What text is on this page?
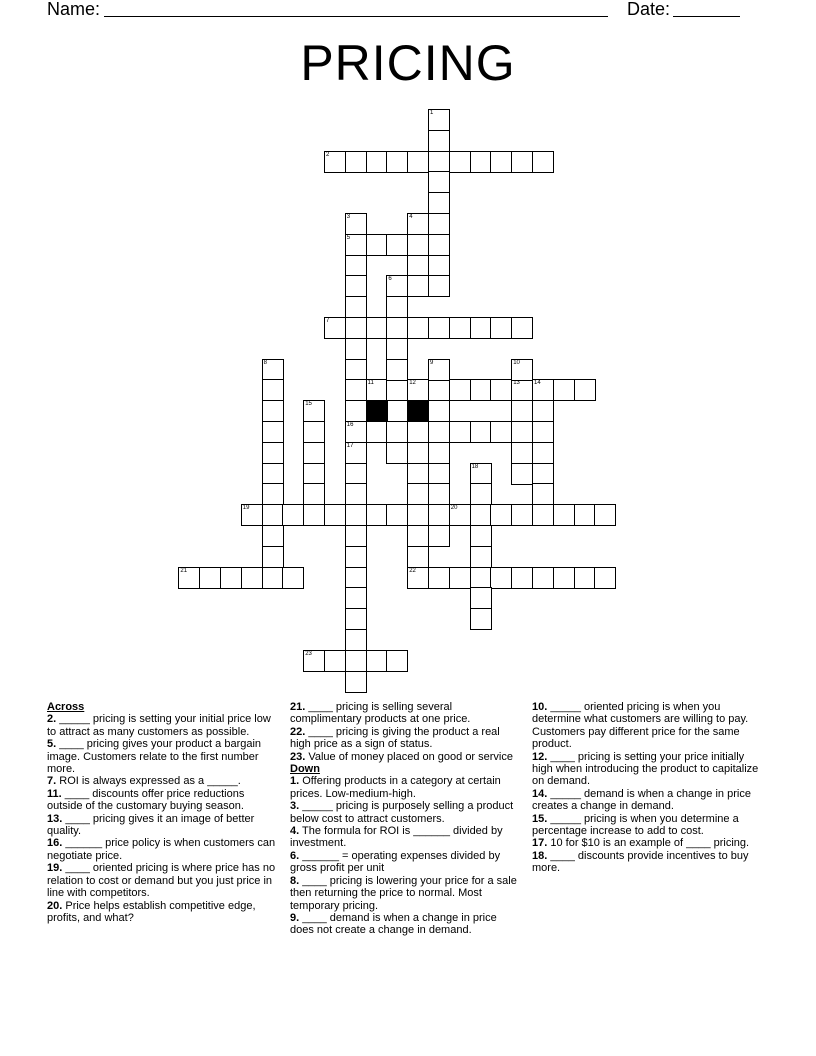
Name:	Date:
PRICING
2
22
21
19	20
7
11	12	13
16
5
14
23
1
3	4
6
8	9	10
15
17
18
Across
2. _____ pricing is setting your initial price low to attract as many customers as possible.
5. ____ pricing gives your product a bargain image. Customers relate to the first number more.
7. ROI is always expressed as a _____.
11. ____ discounts offer price reductions outside of the customary buying season.
13. ____ pricing gives it an image of better quality.
16. ______ price policy is when customers can negotiate price.
19. ____ oriented pricing is where price has no relation to cost or demand but you just price in line with competitors.
20. Price helps establish competitive edge, profits, and what?
21. ____ pricing is selling several complimentary products at one price.
22. ____ pricing is giving the product a real high price as a sign of status.
23. Value of money placed on good or service
Down
1. Offering products in a category at certain prices. Low-medium-high.
3. _____ pricing is purposely selling a product below cost to attract customers.
4. The formula for ROI is ______ divided by investment.
6. ______ = operating expenses divided by gross profit per unit
8. ____ pricing is lowering your price for a sale then returning the price to normal. Most temporary pricing.
9. ____ demand is when a change in price does not create a change in demand.
10. _____ oriented pricing is when you determine what customers are willing to pay. Customers pay different price for the same product.
12. ____ pricing is setting your price initially high when introducing the product to capitalize on demand.
14. _____ demand is when a change in price creates a change in demand.
15. _____ pricing is when you determine a percentage increase to add to cost.
17. 10 for $10 is an example of ____ pricing.
18. ____ discounts provide incentives to buy more.
